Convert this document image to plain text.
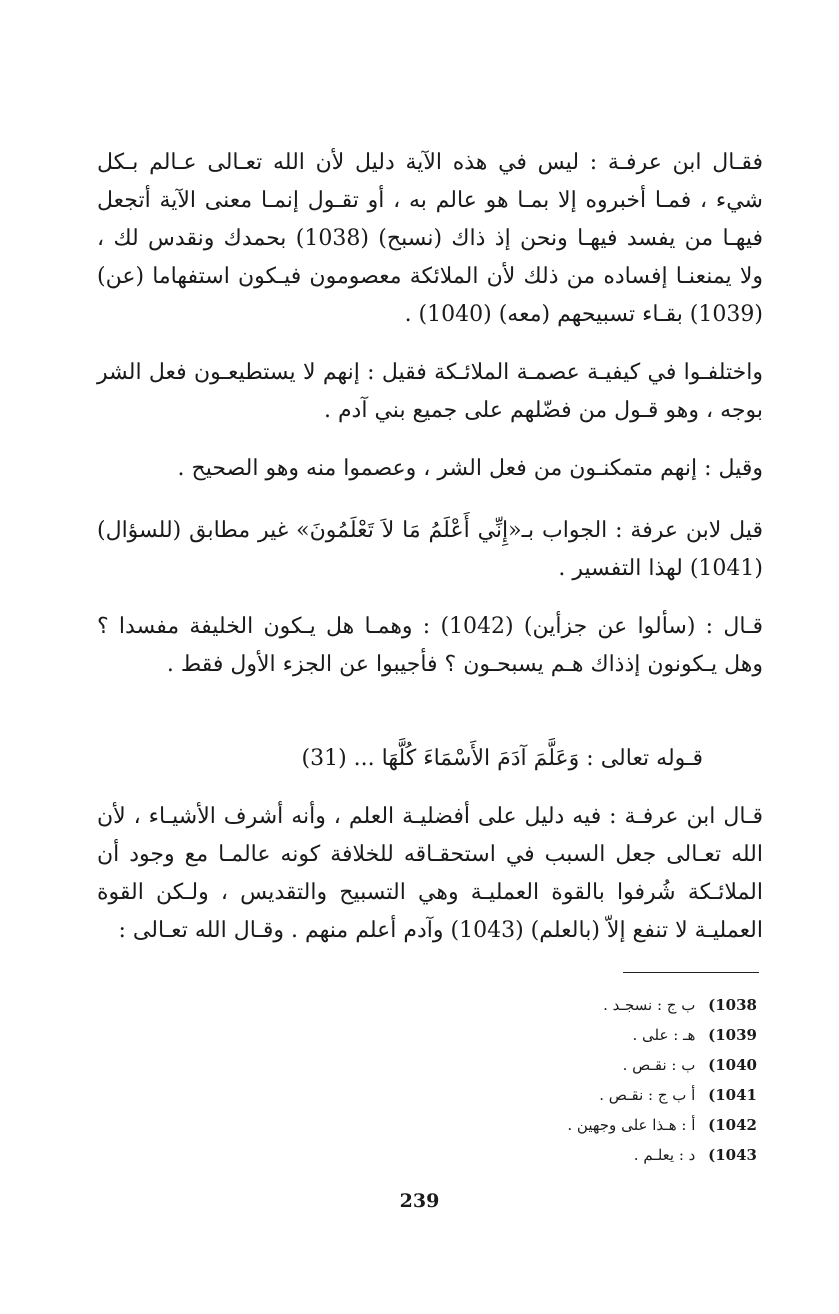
فقـال ابن عرفـة : ليس في هذه الآية دليل لأن الله تعـالى عـالم بـكل شيء ، فمـا أخبروه إلا بمـا هو عالم به ، أو تقـول إنمـا معنى الآية أتجعل فيهـا من يفسد فيهـا ونحن إذ ذاك (نسبح) (1038) بحمدك ونقدس لك ، ولا يمنعنـا إفساده من ذلك لأن الملائكة معصومون فيـكون استفهاما (عن) (1039) بقـاء تسبيحهم (معه) (1040) .

واختلفـوا في كيفيـة عصمـة الملائـكة فقيل : إنهم لا يستطيعـون فعل الشر بوجه ، وهو قـول من فضّلهم على جميع بني آدم .

وقيل : إنهم متمكنـون من فعل الشر ، وعصموا منه وهو الصحيح .

قيل لابن عرفة : الجواب بـ«إِنِّي أَعْلَمُ مَا لاَ تَعْلَمُونَ» غير مطابق (للسؤال) (1041) لهذا التفسير .

قـال : (سألوا عن جزأين) (1042) : وهمـا هل يـكون الخليفة مفسدا ؟ وهل يـكونون إذذاك هـم يسبحـون ؟ فأجيبوا عن الجزء الأول فقط .

قـوله تعالى : وَعَلَّمَ آدَمَ الأَسْمَاءَ كُلَّهَا ... (31)

قـال ابن عرفـة : فيه دليل على أفضليـة العلم ، وأنه أشرف الأشيـاء ، لأن الله تعـالى جعل السبب في استحقـاقه للخلافة كونه عالمـا مع وجود أن الملائـكة شُرفوا بالقوة العمليـة وهي التسبيح والتقديس ، ولـكن القوة العمليـة لا تنفع إلاّ (بالعلم) (1043) وآدم أعلم منهم . وقـال الله تعـالى :

1038) ب ج : نسجـد .
1039) هـ : على .
1040) ب : نقـص .
1041) أ ب ج : نقـص .
1042) أ : هـذا على وجهين .
1043) د : يعلـم .
239
